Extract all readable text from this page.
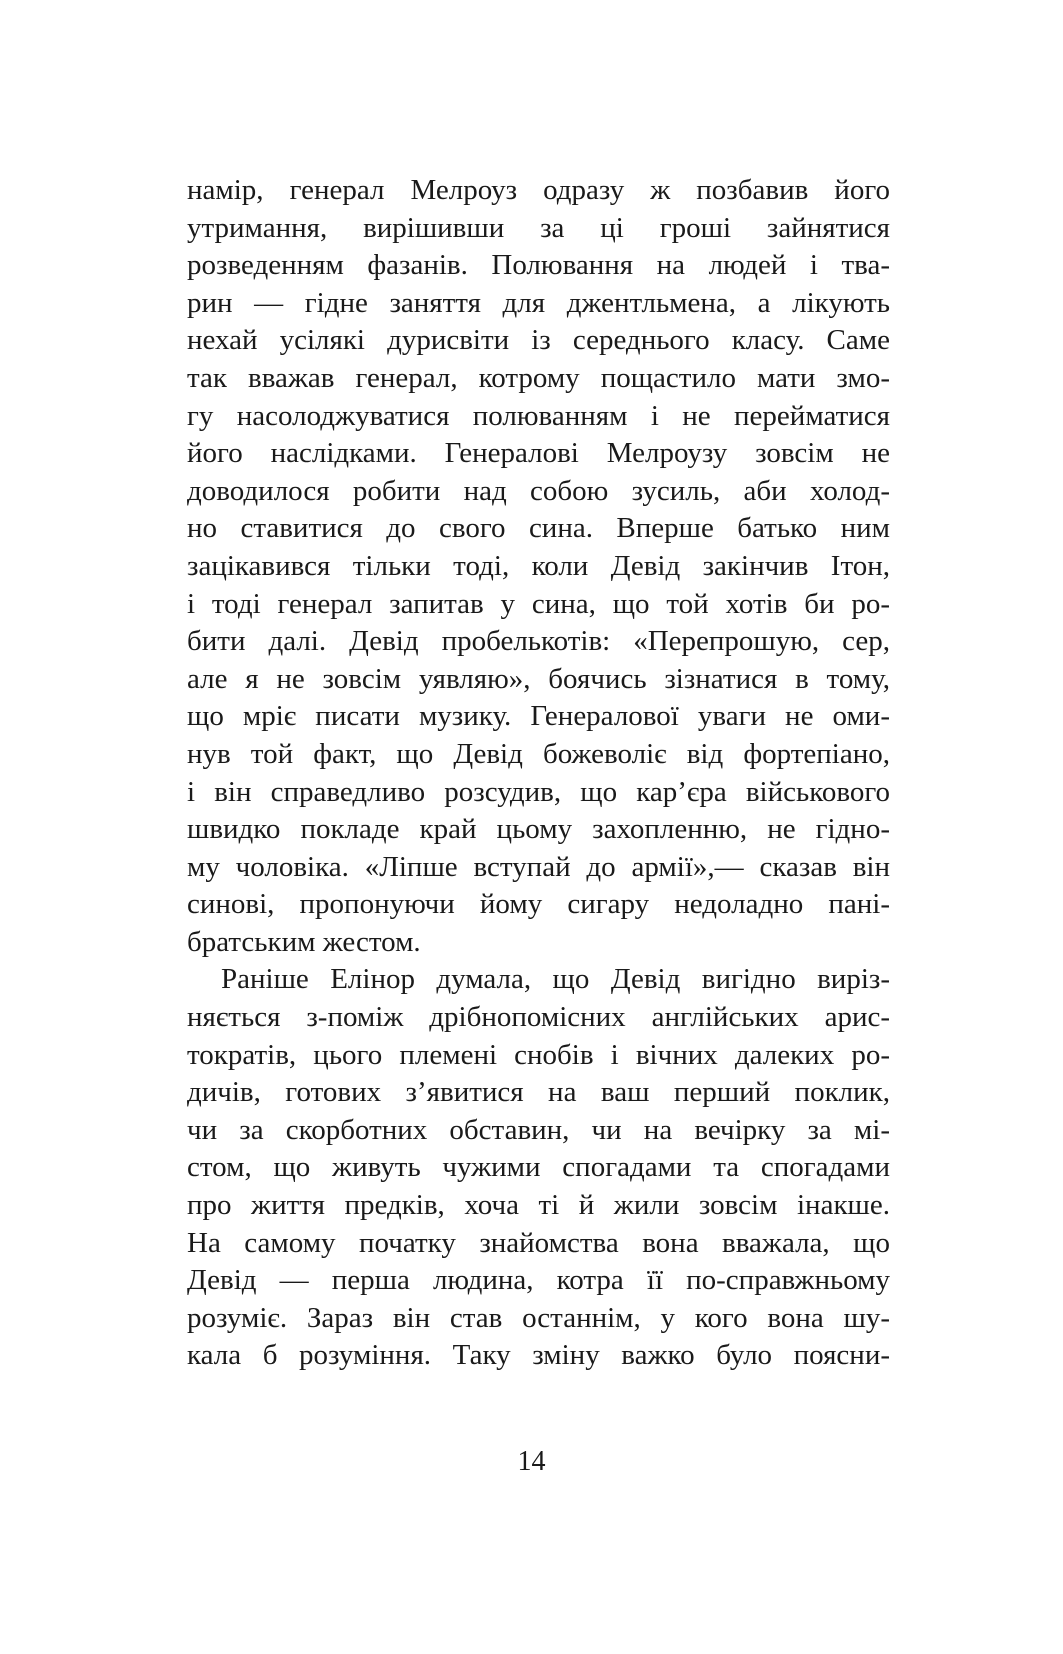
намір, генерал Мелроуз одразу ж позбавив його
утримання, вирішивши за ці гроші зайнятися
розведенням фазанів. Полювання на людей і тва-
рин — гідне заняття для джентльмена, а лікують
нехай усілякі дурисвіти із середнього класу. Саме
так вважав генерал, котрому пощастило мати змо-
гу насолоджуватися полюванням і не перейматися
його наслідками. Генералові Мелроузу зовсім не
доводилося робити над собою зусиль, аби холод-
но ставитися до свого сина. Вперше батько ним
зацікавився тільки тоді, коли Девід закінчив Ітон,
і тоді генерал запитав у сина, що той хотів би ро-
бити далі. Девід пробелькотів: «Перепрошую, сер,
але я не зовсім уявляю», боячись зізнатися в тому,
що мріє писати музику. Генералової уваги не оми-
нув той факт, що Девід божеволіє від фортепіано,
і він справедливо розсудив, що кар’єра військового
швидко покладе край цьому захопленню, не гідно-
му чоловіка. «Ліпше вступай до армії»,— сказав він
синові, пропонуючи йому сигару недоладно пані-
братським жестом.
Раніше Елінор думала, що Девід вигідно виріз-
няється з-поміж дрібнопомісних англійських арис-
тократів, цього племені снобів і вічних далеких ро-
дичів, готових з’явитися на ваш перший поклик,
чи за скорботних обставин, чи на вечірку за мі-
стом, що живуть чужими спогадами та спогадами
про життя предків, хоча ті й жили зовсім інакше.
На самому початку знайомства вона вважала, що
Девід — перша людина, котра її по-справжньому
розуміє. Зараз він став останнім, у кого вона шу-
кала б розуміння. Таку зміну важко було поясни-
14
